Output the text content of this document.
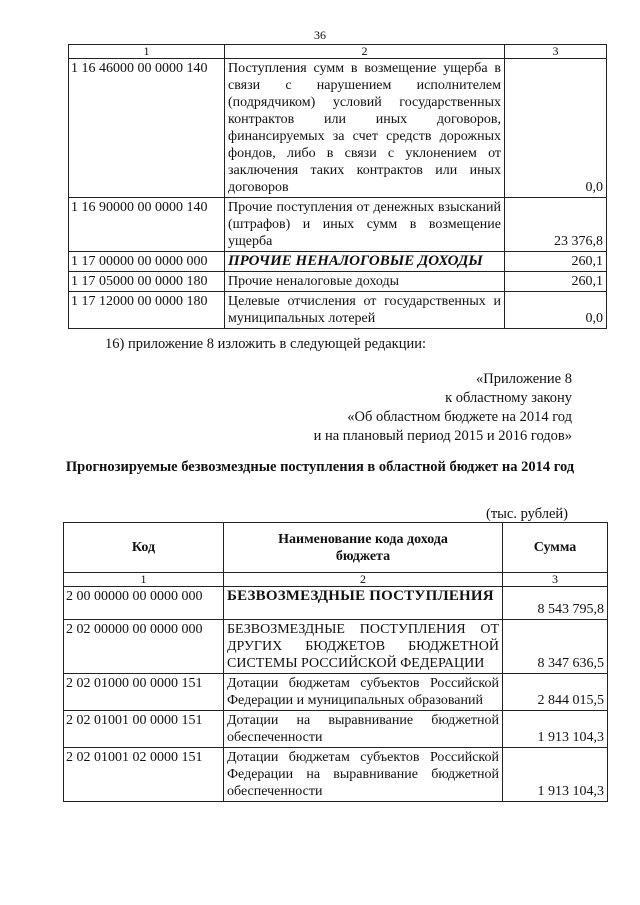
36
1	2	3
1 16 46000 00 0000 140	Поступления сумм в возмещение ущерба в связи с нарушением исполнителем (подрядчиком) условий государственных контрактов или иных договоров, финансируемых за счет средств дорожных фондов, либо в связи с уклонением от заключения таких контрактов или иных договоров	0,0
1 16 90000 00 0000 140	Прочие поступления от денежных взысканий (штрафов) и иных сумм в возмещение ущерба	23 376,8
1 17 00000 00 0000 000	ПРОЧИЕ НЕНАЛОГОВЫЕ ДОХОДЫ	260,1
1 17 05000 00 0000 180	Прочие неналоговые доходы	260,1
1 17 12000 00 0000 180	Целевые отчисления от государственных и муниципальных лотерей	0,0
16) приложение 8 изложить в следующей редакции:
«Приложение 8
к областному закону
«Об областном бюджете на 2014 год
и на плановый период 2015 и 2016 годов»
Прогнозируемые безвозмездные поступления в областной бюджет на 2014 год
(тыс. рублей)
Код	Наименование кода дохода бюджета	Сумма
1	2	3
2 00 00000 00 0000 000	БЕЗВОЗМЕЗДНЫЕ ПОСТУПЛЕНИЯ	8 543 795,8
2 02 00000 00 0000 000	БЕЗВОЗМЕЗДНЫЕ ПОСТУПЛЕНИЯ ОТ ДРУГИХ БЮДЖЕТОВ БЮДЖЕТНОЙ СИСТЕМЫ РОССИЙСКОЙ ФЕДЕРАЦИИ	8 347 636,5
2 02 01000 00 0000 151	Дотации бюджетам субъектов Российской Федерации и муниципальных образований	2 844 015,5
2 02 01001 00 0000 151	Дотации на выравнивание бюджетной обеспеченности	1 913 104,3
2 02 01001 02 0000 151	Дотации бюджетам субъектов Российской Федерации на выравнивание бюджетной обеспеченности	1 913 104,3
